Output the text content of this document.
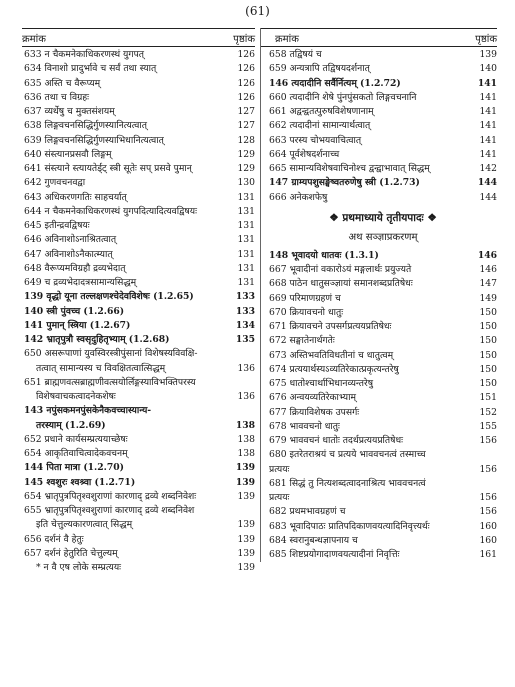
(61)
क्रमांक	पृष्ठांक
633 न चैकमनेकाधिकरणस्थं युगपत्	126
634 विनाशो प्रादुर्भावे च सर्वं तथा स्यात्	126
635 अस्ति च वैरूप्यम्	126
636 तथा च विग्रहः	126
637 व्यर्थेषु च मुक्तसंशयम्	127
638 लिङ्गवचनसिद्धिर्गुणस्यानित्यत्वात्	127
639 लिङ्गवचनसिद्धिर्गुणस्याभिधानित्यत्वात्	128
640 संस्त्यानप्रसवौ लिङ्गम्	129
641 संस्त्याने स्त्यायतेर्ड्ट् स्त्री सूतेः सप् प्रसवे पुमान्	129
642 गुणवचनवद्वा	130
643 अधिकरणगतिः साहचर्यात्	131
644 न चैकमनेकाधिकरणस्थं युगपदित्यादित्यवद्विषयः	131
645 इतीन्द्रवद्विषयः	131
646 अविनाशोऽनाश्रितत्वात्	131
647 अविनाशोऽनैकात्म्यात्	131
648 वैरूप्यमविग्रहौ द्रव्यभेदात्	131
649 च द्रव्यभेदादत्रसामान्यसिद्धम्	131
139 वृद्धो यूना तल्लक्षणश्चेदेवविशेषः (1.2.65)	133
140 स्त्री पुंवच्च (1.2.66)	133
141 पुमान् स्त्रिया (1.2.67)	134
142 भ्रातृपुत्रौ स्वसृदुहितृभ्याम् (1.2.68)	135
650 असरूपाणां युवस्विरस्त्रीपुंसानां विशेषस्यविवक्षि-
तत्वात् सामान्यस्य च विवक्षितत्वात्सिद्धम्	136
651 ब्राह्मणवत्सब्राह्मणीवत्सयोर्लिङ्गस्याविभक्तिपरस्य
विशेषवाचकत्वादनेकशेषः	136
143 नपुंसकमनपुंसकेनैकवच्चास्यान्य-
तरस्याम् (1.2.69)	138
652 प्रधाने कार्यसम्प्रत्ययाच्छेषः	138
654 आकृतिवाचित्वादेकवचनम्	138
144 पिता मात्रा (1.2.70)	139
145 श्वशुरः श्वश्र्वा (1.2.71)	139
654 भ्रातृपुत्रपितृश्वशुराणां कारणाद् द्रव्ये शब्दनिवेशः	139
655 भ्रातृपुत्रपितृश्वशुराणां कारणाद् द्रव्ये शब्दनिवेश
इति चेत्तुल्यकारणत्वात् सिद्धम्	139
656 दर्शनं वै हेतुः	139
657 दर्शनं हेतुरिति चेत्तुल्यम्	139
* न वै एष लोके सम्प्रत्ययः	139
क्रमांक	पृष्ठांक
658 तद्विषयं च	139
659 अन्यत्रापि तद्विषयदर्शनात्	140
146 त्यदादीनि सर्वैर्नित्यम् (1.2.72)	141
660 त्यदादीनि शेषे पुंनपुंसकतो लिङ्गवचनानि	141
661 अद्वन्द्वतत्पुरुषविशेषणानाम्	141
662 त्यदादीनां सामान्यार्थत्वात्	141
663 परस्य चोभयवाचित्वात्	141
664 पूर्वशेषदर्शनाच्च	141
665 सामान्यविशेषवाचिनोश्च द्वन्द्वाभावात् सिद्धम्	142
147 ग्राम्यपशुसङ्घेष्वतरुणेषु स्त्री (1.2.73)	144
666 अनेकशफेषु	144
❖ प्रथमाध्याये तृतीयपादः ❖
अथ सञ्ज्ञाप्रकरणम्
148 भूवादयो धातवः (1.3.1)	146
667 भूवादीनां वकारोऽयं मङ्गलार्थः प्रयुज्यते	146
668 पाठेन धातुसञ्ज्ञायां समानशब्दप्रतिषेधः	147
669 परिमाणग्रहणं च	149
670 क्रियावचनो धातुः	150
671 क्रियावचने उपसर्गप्रत्ययप्रतिषेधः	150
672 सङ्घातेनार्थगतेः	150
673 अस्तिभवतिविधतीनां च धातुत्वम्	150
674 प्रत्ययार्थस्यऽव्यतिरेकात्प्रकृत्यन्तरेषु	150
675 धातोश्चार्थाभिधानव्यन्तरेषु	150
676 अन्वयव्यतिरेकाभ्याम्	151
677 क्रियाविशेषक उपसर्गः	152
678 भाववचनो धातुः	155
679 भाववचनं धातोः तदर्थप्रत्ययप्रतिषेधः	156
680 इतरेतराश्रयं च प्रत्यये भाववचनत्वं तस्माच्च
प्रत्ययः	156
681 सिद्धं तु नित्यशब्दत्वादनाश्रित्य भाववचनत्वं
प्रत्ययः	156
682 प्रथमभावग्रहणं च	156
683 भूवादिपाठः प्रातिपदिकाणवयत्यादिनिवृत्त्यर्थः	160
684 स्वरानुबन्धज्ञापनाय च	160
685 शिष्टप्रयोगादाणवयत्यादीनां निवृत्तिः	161
